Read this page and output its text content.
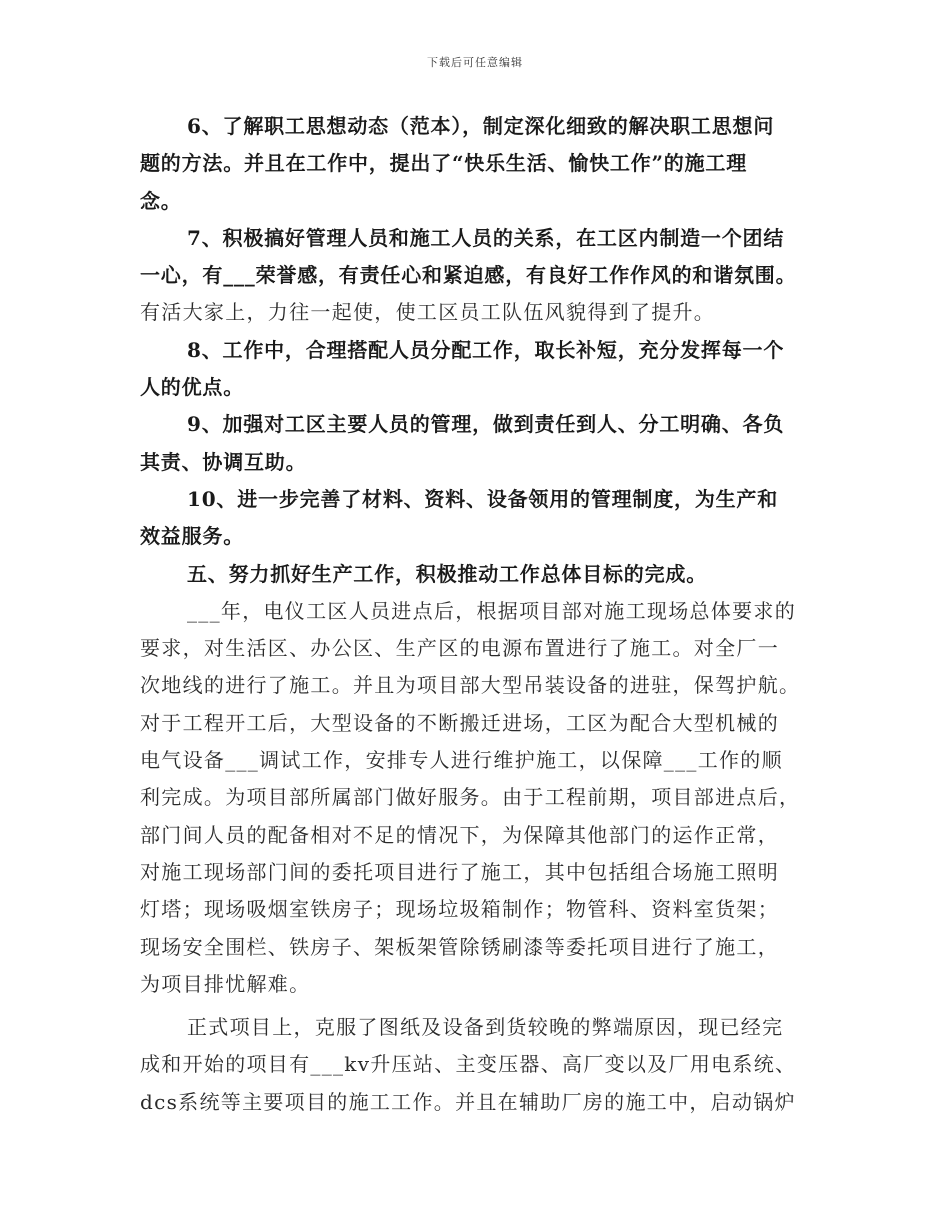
下载后可任意编辑
6、了解职工思想动态（范本），制定深化细致的解决职工思想问
题的方法。并且在工作中，提出了“快乐生活、愉快工作”的施工理
念。
7、积极搞好管理人员和施工人员的关系，在工区内制造一个团结
一心，有___荣誉感，有责任心和紧迫感，有良好工作作风的和谐氛围。
有活大家上，力往一起使，使工区员工队伍风貌得到了提升。
8、工作中，合理搭配人员分配工作，取长补短，充分发挥每一个
人的优点。
9、加强对工区主要人员的管理，做到责任到人、分工明确、各负
其责、协调互助。
10、进一步完善了材料、资料、设备领用的管理制度，为生产和
效益服务。
五、努力抓好生产工作，积极推动工作总体目标的完成。
___年，电仪工区人员进点后，根据项目部对施工现场总体要求的
要求，对生活区、办公区、生产区的电源布置进行了施工。对全厂一
次地线的进行了施工。并且为项目部大型吊装设备的进驻，保驾护航。
对于工程开工后，大型设备的不断搬迁进场，工区为配合大型机械的
电气设备___调试工作，安排专人进行维护施工，以保障___工作的顺
利完成。为项目部所属部门做好服务。由于工程前期，项目部进点后，
部门间人员的配备相对不足的情况下，为保障其他部门的运作正常，
对施工现场部门间的委托项目进行了施工，其中包括组合场施工照明
灯塔；现场吸烟室铁房子；现场垃圾箱制作；物管科、资料室货架；
现场安全围栏、铁房子、架板架管除锈刷漆等委托项目进行了施工，
为项目排忧解难。
正式项目上，克服了图纸及设备到货较晚的弊端原因，现已经完
成和开始的项目有___kv升压站、主变压器、高厂变以及厂用电系统、
dcs系统等主要项目的施工工作。并且在辅助厂房的施工中，启动锅炉
